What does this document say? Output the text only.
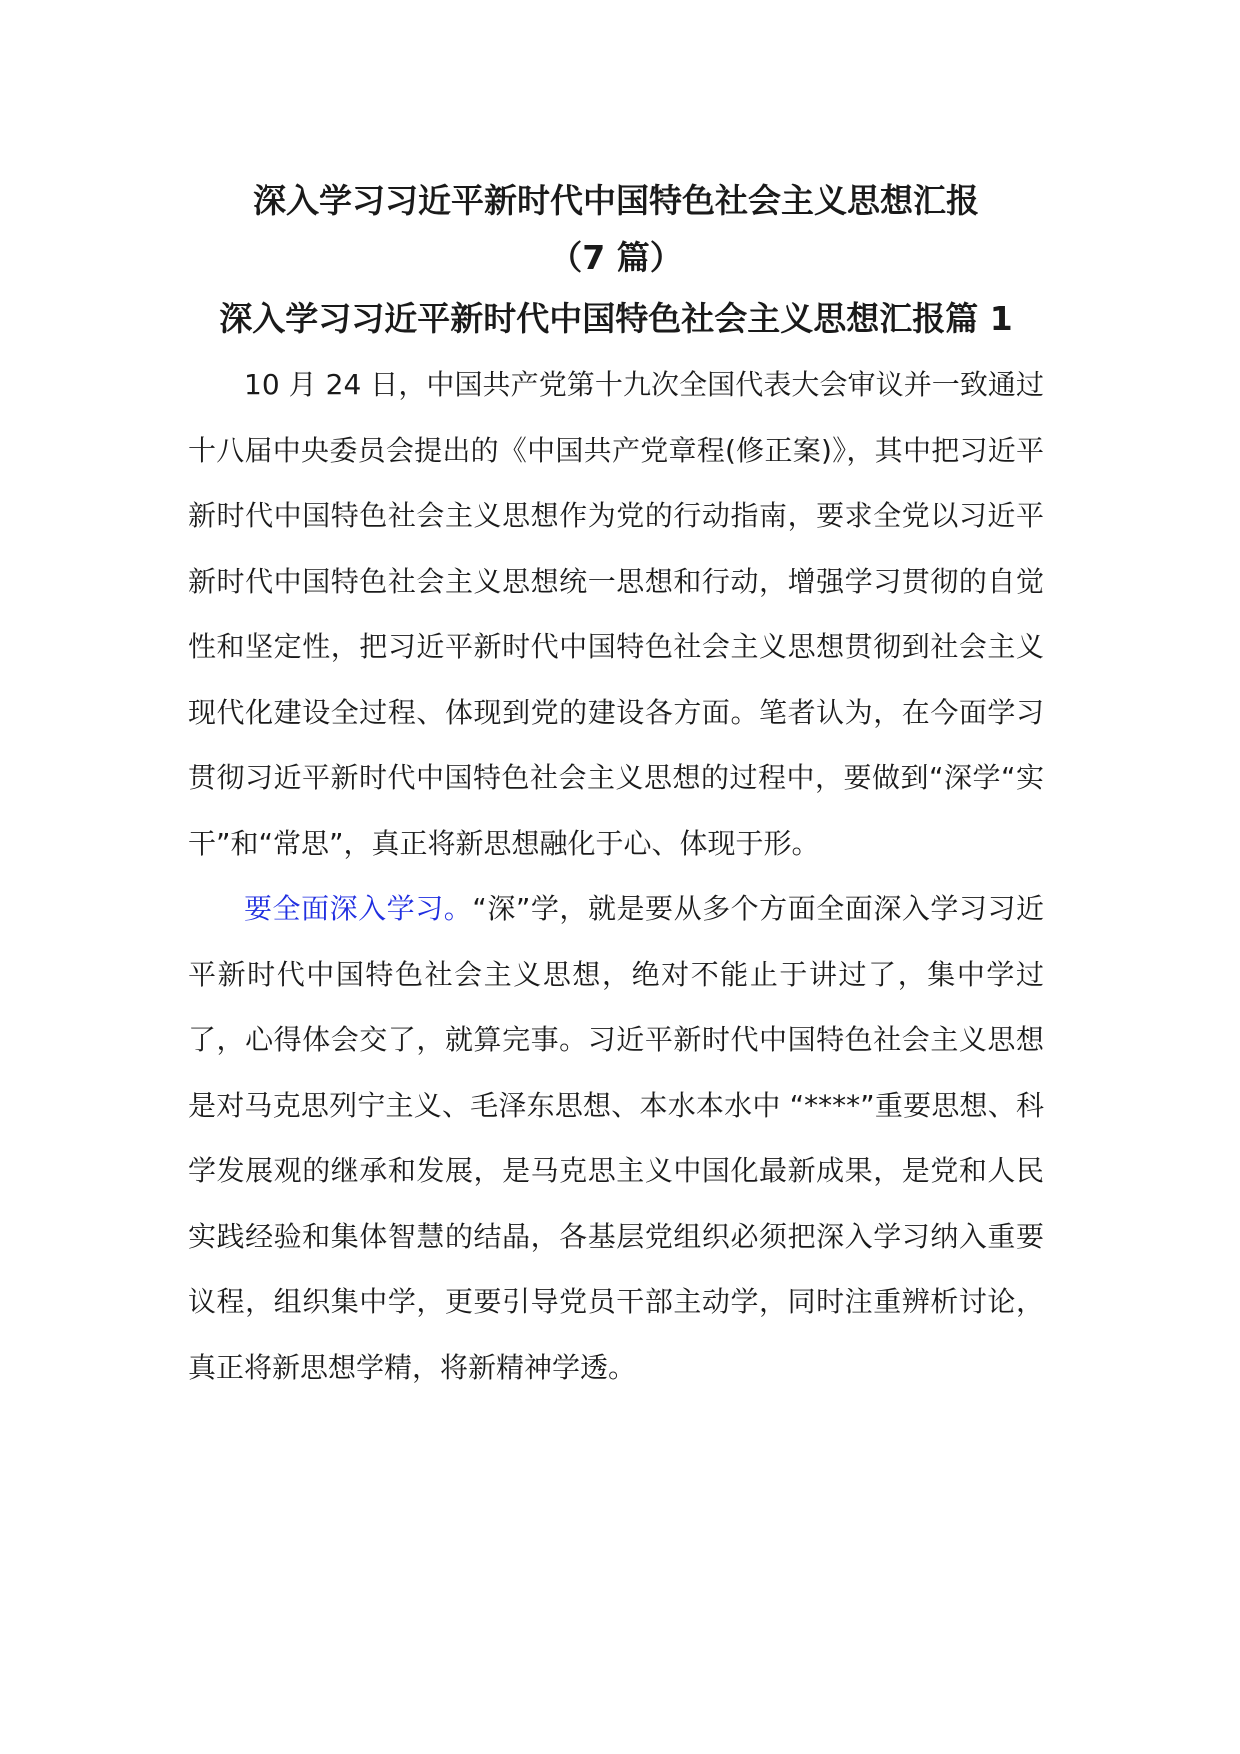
深入学习习近平新时代中国特色社会主义思想汇报
（7 篇）
深入学习习近平新时代中国特色社会主义思想汇报篇 1

10 月 24 日，中国共产党第十九次全国代表大会审议并一致通过十八届中央委员会提出的《中国共产党章程(修正案)》，其中把习近平新时代中国特色社会主义思想作为党的行动指南，要求全党以习近平新时代中国特色社会主义思想统一思想和行动，增强学习贯彻的自觉性和坚定性，把习近平新时代中国特色社会主义思想贯彻到社会主义现代化建设全过程、体现到党的建设各方面。笔者认为，在今面学习贯彻习近平新时代中国特色社会主义思想的过程中，要做到“深学“实干”和“常思”，真正将新思想融化于心、体现于形。

要全面深入学习。“深”学，就是要从多个方面全面深入学习习近平新时代中国特色社会主义思想，绝对不能止于讲过了，集中学过了，心得体会交了，就算完事。习近平新时代中国特色社会主义思想是对马克思列宁主义、毛泽东思想、本水本水中 “****”重要思想、科学发展观的继承和发展，是马克思主义中国化最新成果，是党和人民实践经验和集体智慧的结晶，各基层党组织必须把深入学习纳入重要议程，组织集中学，更要引导党员干部主动学，同时注重辨析讨论，真正将新思想学精，将新精神学透。
